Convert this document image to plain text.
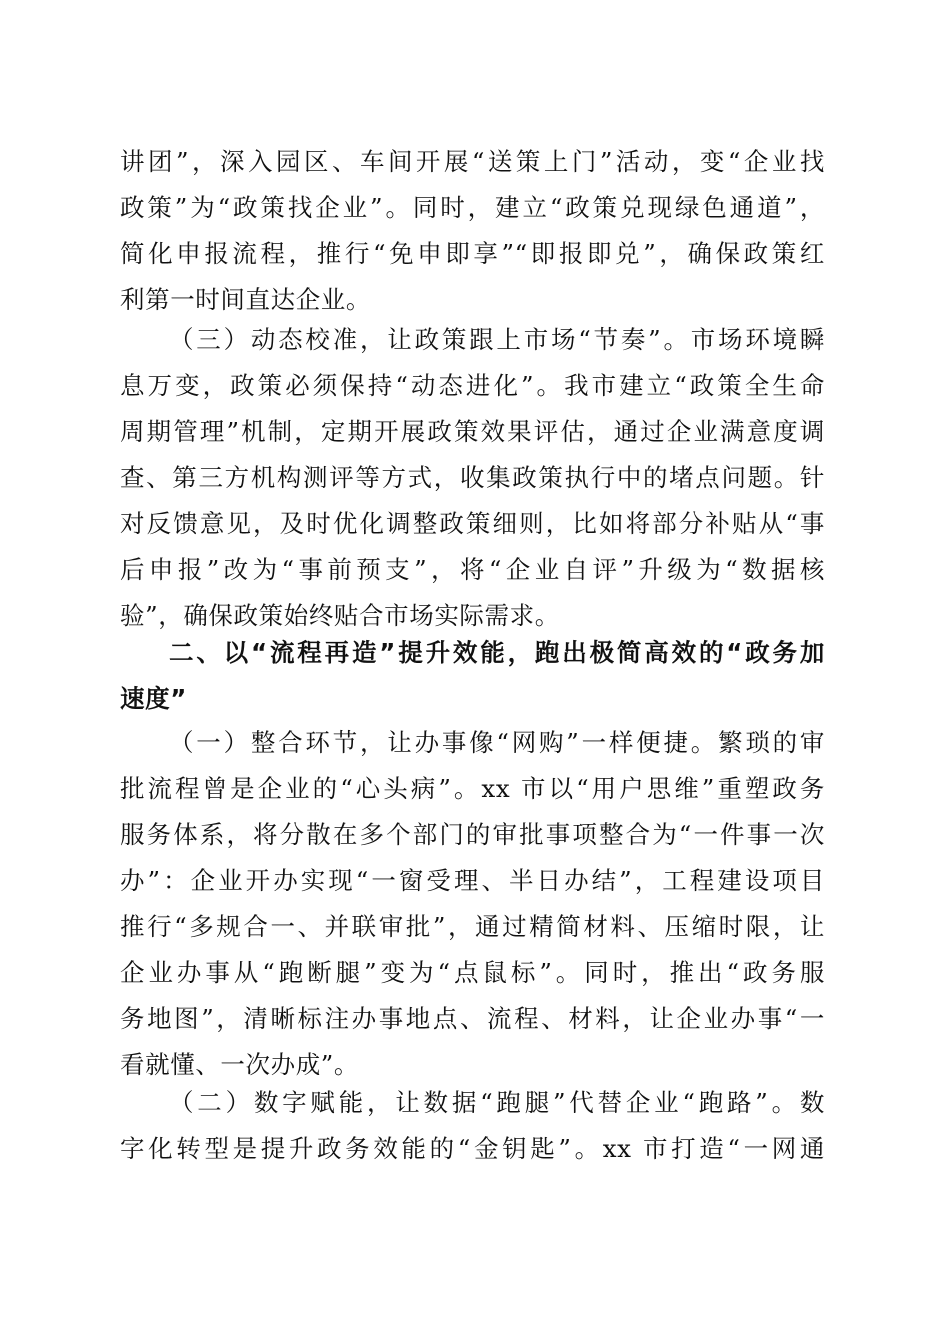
讲团”，深入园区、车间开展“送策上门”活动，变“企业找
政策”为“政策找企业”。同时，建立“政策兑现绿色通道”，
简化申报流程，推行“免申即享”“即报即兑”，确保政策红
利第一时间直达企业。
（三）动态校准，让政策跟上市场“节奏”。市场环境瞬
息万变，政策必须保持“动态进化”。我市建立“政策全生命
周期管理”机制，定期开展政策效果评估，通过企业满意度调
查、第三方机构测评等方式，收集政策执行中的堵点问题。针
对反馈意见，及时优化调整政策细则，比如将部分补贴从“事
后申报”改为“事前预支”，将“企业自评”升级为“数据核
验”，确保政策始终贴合市场实际需求。
二、以“流程再造”提升效能，跑出极简高效的“政务加
速度”
（一）整合环节，让办事像“网购”一样便捷。繁琐的审
批流程曾是企业的“心头病”。xx 市以“用户思维”重塑政务
服务体系，将分散在多个部门的审批事项整合为“一件事一次
办”：企业开办实现“一窗受理、半日办结”，工程建设项目
推行“多规合一、并联审批”，通过精简材料、压缩时限，让
企业办事从“跑断腿”变为“点鼠标”。同时，推出“政务服
务地图”，清晰标注办事地点、流程、材料，让企业办事“一
看就懂、一次办成”。
（二）数字赋能，让数据“跑腿”代替企业“跑路”。数
字化转型是提升政务效能的“金钥匙”。xx 市打造“一网通
